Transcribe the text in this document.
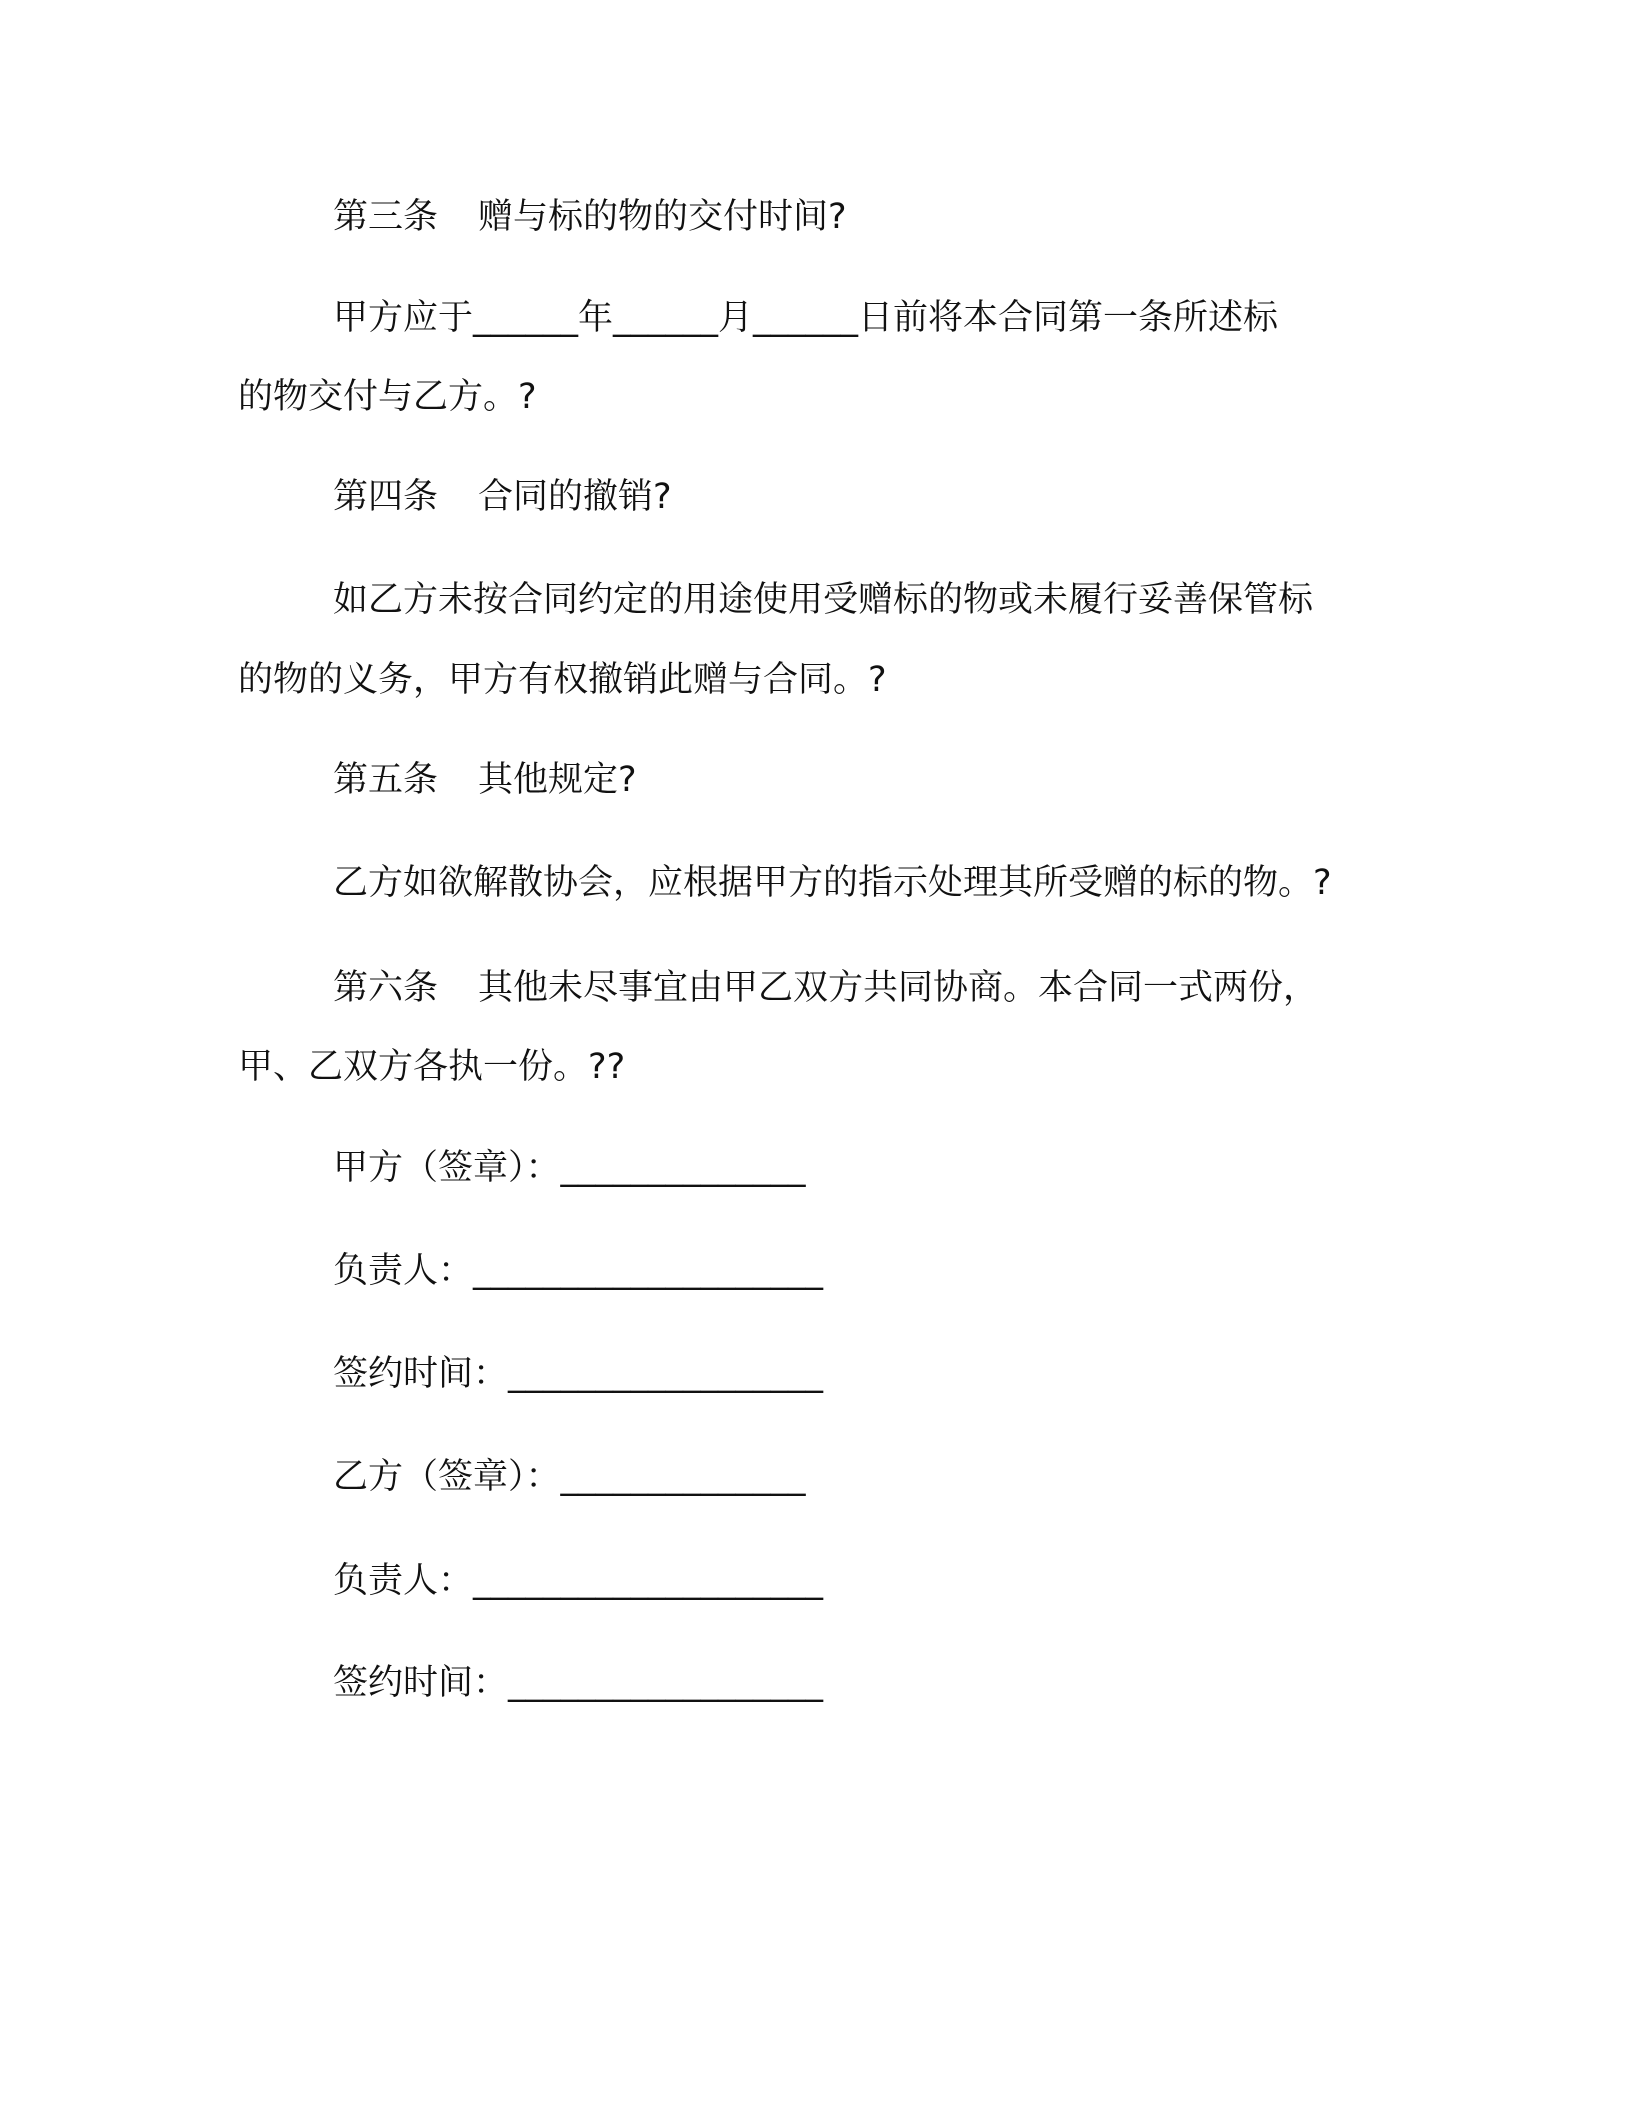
第三条 赠与标的物的交付时间?
甲方应于______年______月______日前将本合同第一条所述标
的物交付与乙方。?
第四条 合同的撤销?
如乙方未按合同约定的用途使用受赠标的物或未履行妥善保管标
的物的义务，甲方有权撤销此赠与合同。?
第五条 其他规定?
乙方如欲解散协会，应根据甲方的指示处理其所受赠的标的物。?
第六条 其他未尽事宜由甲乙双方共同协商。本合同一式两份，
甲、乙双方各执一份。??
甲方（签章）：______________
负责人：____________________
签约时间：__________________
乙方（签章）：______________
负责人：____________________
签约时间：__________________
